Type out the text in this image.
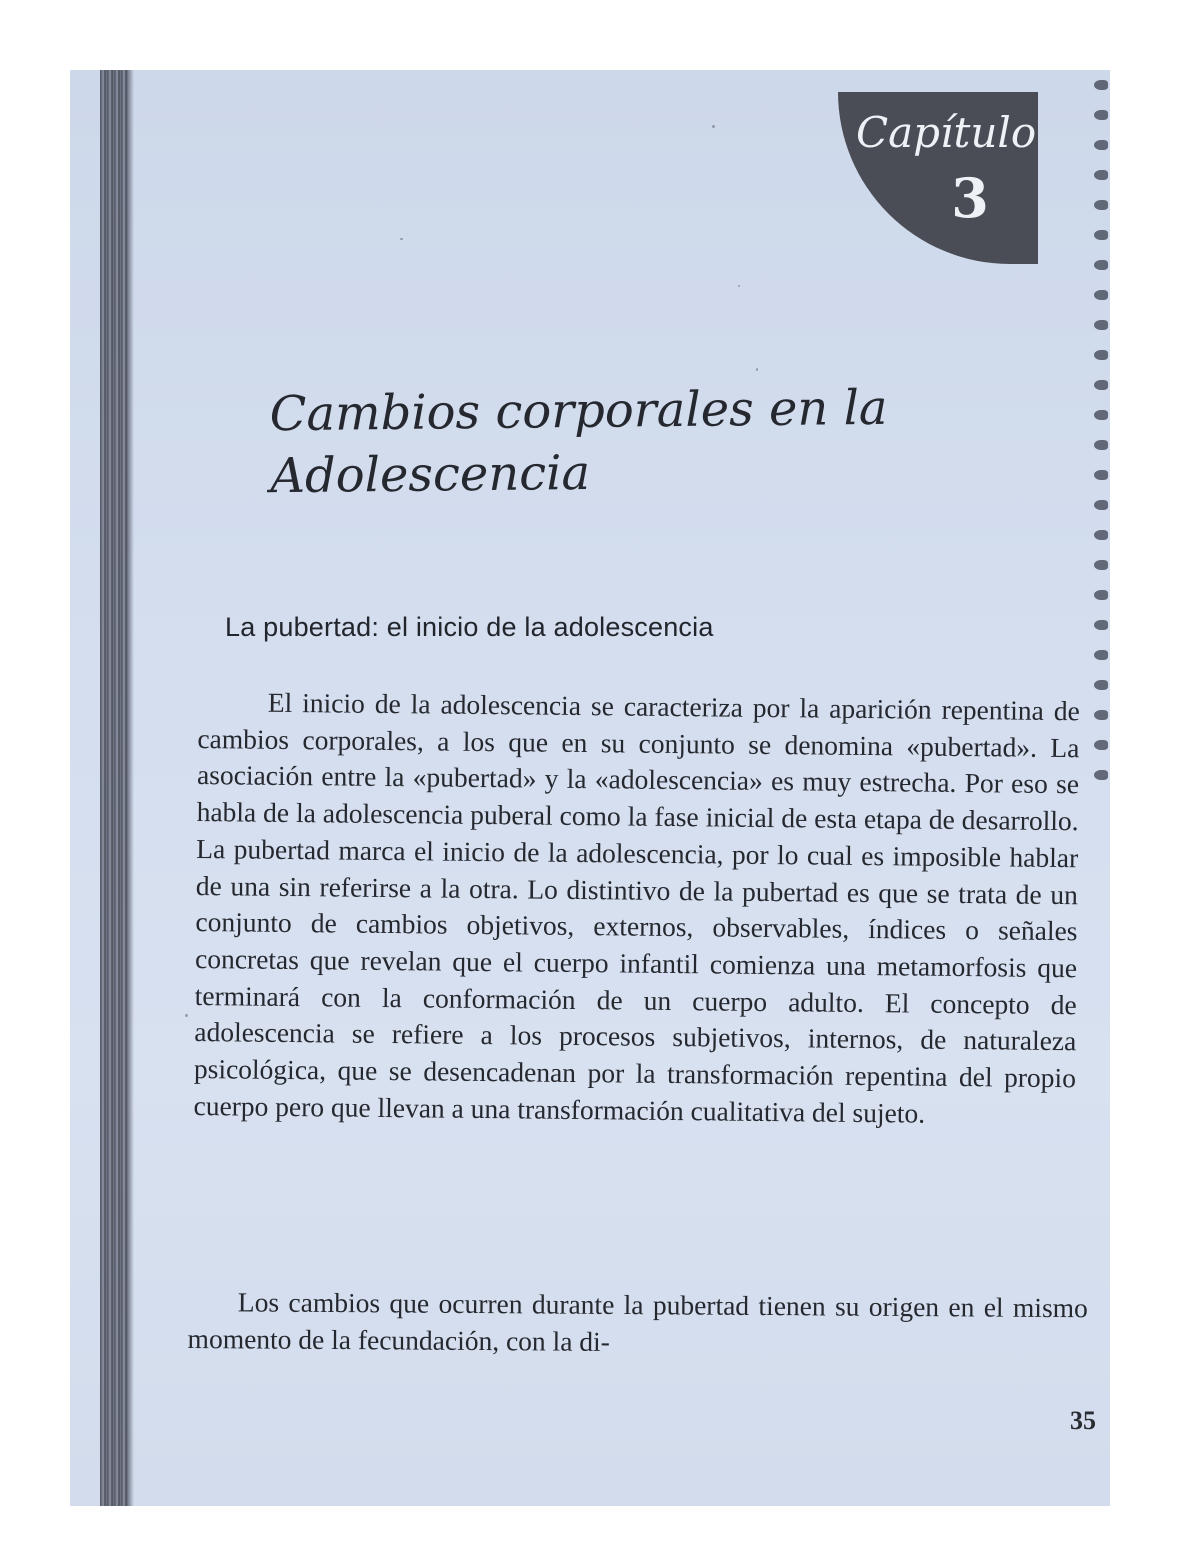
Capítulo
3
Cambios corporales en la Adolescencia
La pubertad: el inicio de la adolescencia

El inicio de la adolescencia se caracteriza por la aparición repentina de cambios corporales, a los que en su conjunto se denomina «pubertad». La asociación entre la «pubertad» y la «adolescencia» es muy estrecha. Por eso se habla de la adolescencia puberal como la fase inicial de esta etapa de desarrollo. La pubertad marca el inicio de la adolescencia, por lo cual es imposible hablar de una sin referirse a la otra. Lo distintivo de la pubertad es que se trata de un conjunto de cambios objetivos, externos, observables, índices o señales concretas que revelan que el cuerpo infantil comienza una metamorfosis que terminará con la conformación de un cuerpo adulto. El concepto de adolescencia se refiere a los procesos subjetivos, internos, de naturaleza psicológica, que se desencadenan por la transformación repentina del propio cuerpo pero que llevan a una transformación cualitativa del sujeto.

Los cambios que ocurren durante la pubertad tienen su origen en el mismo momento de la fecundación, con la di-

35
